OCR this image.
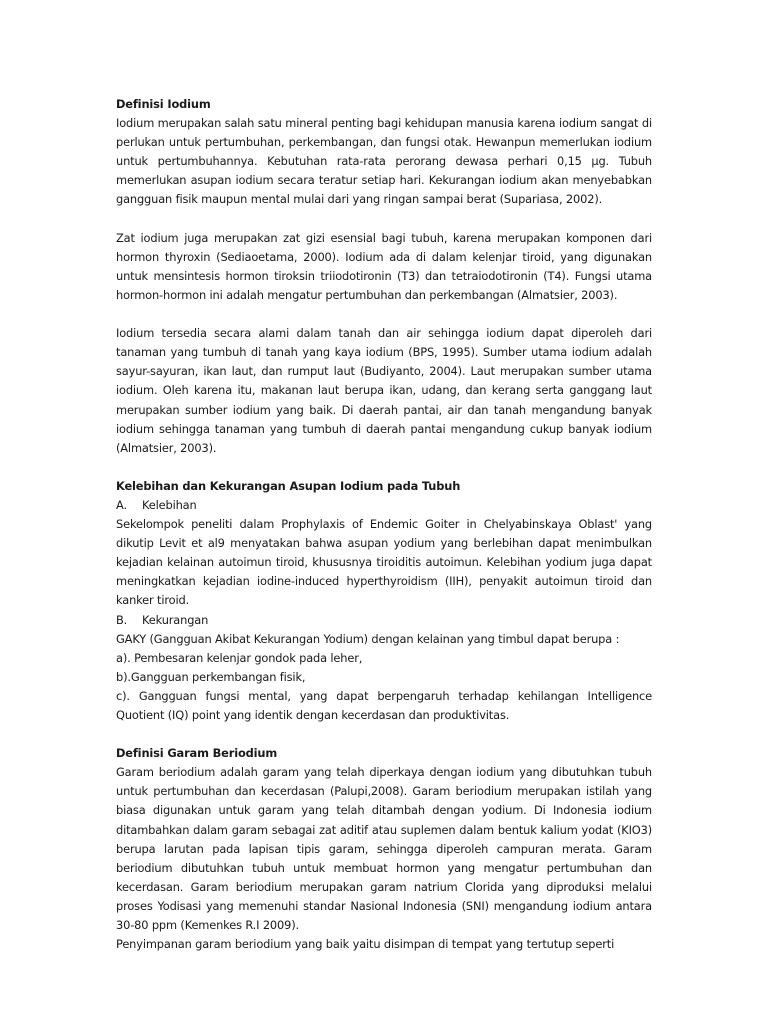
Definisi Iodium

Iodium merupakan salah satu mineral penting bagi kehidupan manusia karena iodium sangat di perlukan untuk pertumbuhan, perkembangan, dan fungsi otak. Hewanpun memerlukan iodium untuk pertumbuhannya. Kebutuhan rata-rata perorang dewasa perhari 0,15 µg. Tubuh memerlukan asupan iodium secara teratur setiap hari. Kekurangan iodium akan menyebabkan gangguan fisik maupun mental mulai dari yang ringan sampai berat (Supariasa, 2002).

Zat iodium juga merupakan zat gizi esensial bagi tubuh, karena merupakan komponen dari hormon thyroxin (Sediaoetama, 2000). Iodium ada di dalam kelenjar tiroid, yang digunakan untuk mensintesis hormon tiroksin triiodotironin (T3) dan tetraiodotironin (T4). Fungsi utama hormon-hormon ini adalah mengatur pertumbuhan dan perkembangan (Almatsier, 2003).

Iodium tersedia secara alami dalam tanah dan air sehingga iodium dapat diperoleh dari tanaman yang tumbuh di tanah yang kaya iodium (BPS, 1995). Sumber utama iodium adalah sayur-sayuran, ikan laut, dan rumput laut (Budiyanto, 2004). Laut merupakan sumber utama iodium. Oleh karena itu, makanan laut berupa ikan, udang, dan kerang serta ganggang laut merupakan sumber iodium yang baik. Di daerah pantai, air dan tanah mengandung banyak iodium sehingga tanaman yang tumbuh di daerah pantai mengandung cukup banyak iodium (Almatsier, 2003).

Kelebihan dan Kekurangan Asupan Iodium pada Tubuh

A.	Kelebihan

Sekelompok peneliti dalam Prophylaxis of Endemic Goiter in Chelyabinskaya Oblast' yang dikutip Levit et al9 menyatakan bahwa asupan yodium yang berlebihan dapat menimbulkan kejadian kelainan autoimun tiroid, khususnya tiroiditis autoimun. Kelebihan yodium juga dapat meningkatkan kejadian iodine-induced hyperthyroidism (IIH), penyakit autoimun tiroid dan kanker tiroid.

B.	Kekurangan

GAKY (Gangguan Akibat Kekurangan Yodium) dengan kelainan yang timbul dapat berupa :

a). Pembesaran kelenjar gondok pada leher,

b).Gangguan perkembangan fisik,

c). Gangguan fungsi mental, yang dapat berpengaruh terhadap kehilangan Intelligence Quotient (IQ) point yang identik dengan kecerdasan dan produktivitas.

Definisi Garam Beriodium

Garam beriodium adalah garam yang telah diperkaya dengan iodium yang dibutuhkan tubuh untuk pertumbuhan dan kecerdasan (Palupi,2008). Garam beriodium merupakan istilah yang biasa digunakan untuk garam yang telah ditambah dengan yodium. Di Indonesia iodium ditambahkan dalam garam sebagai zat aditif atau suplemen dalam bentuk kalium yodat (KIO3) berupa larutan pada lapisan tipis garam, sehingga diperoleh campuran merata. Garam beriodium dibutuhkan tubuh untuk membuat hormon yang mengatur pertumbuhan dan kecerdasan. Garam beriodium merupakan garam natrium Clorida yang diproduksi melalui proses Yodisasi yang memenuhi standar Nasional Indonesia (SNI) mengandung iodium antara 30-80 ppm (Kemenkes R.I 2009).

Penyimpanan garam beriodium yang baik yaitu disimpan di tempat yang tertutup seperti
